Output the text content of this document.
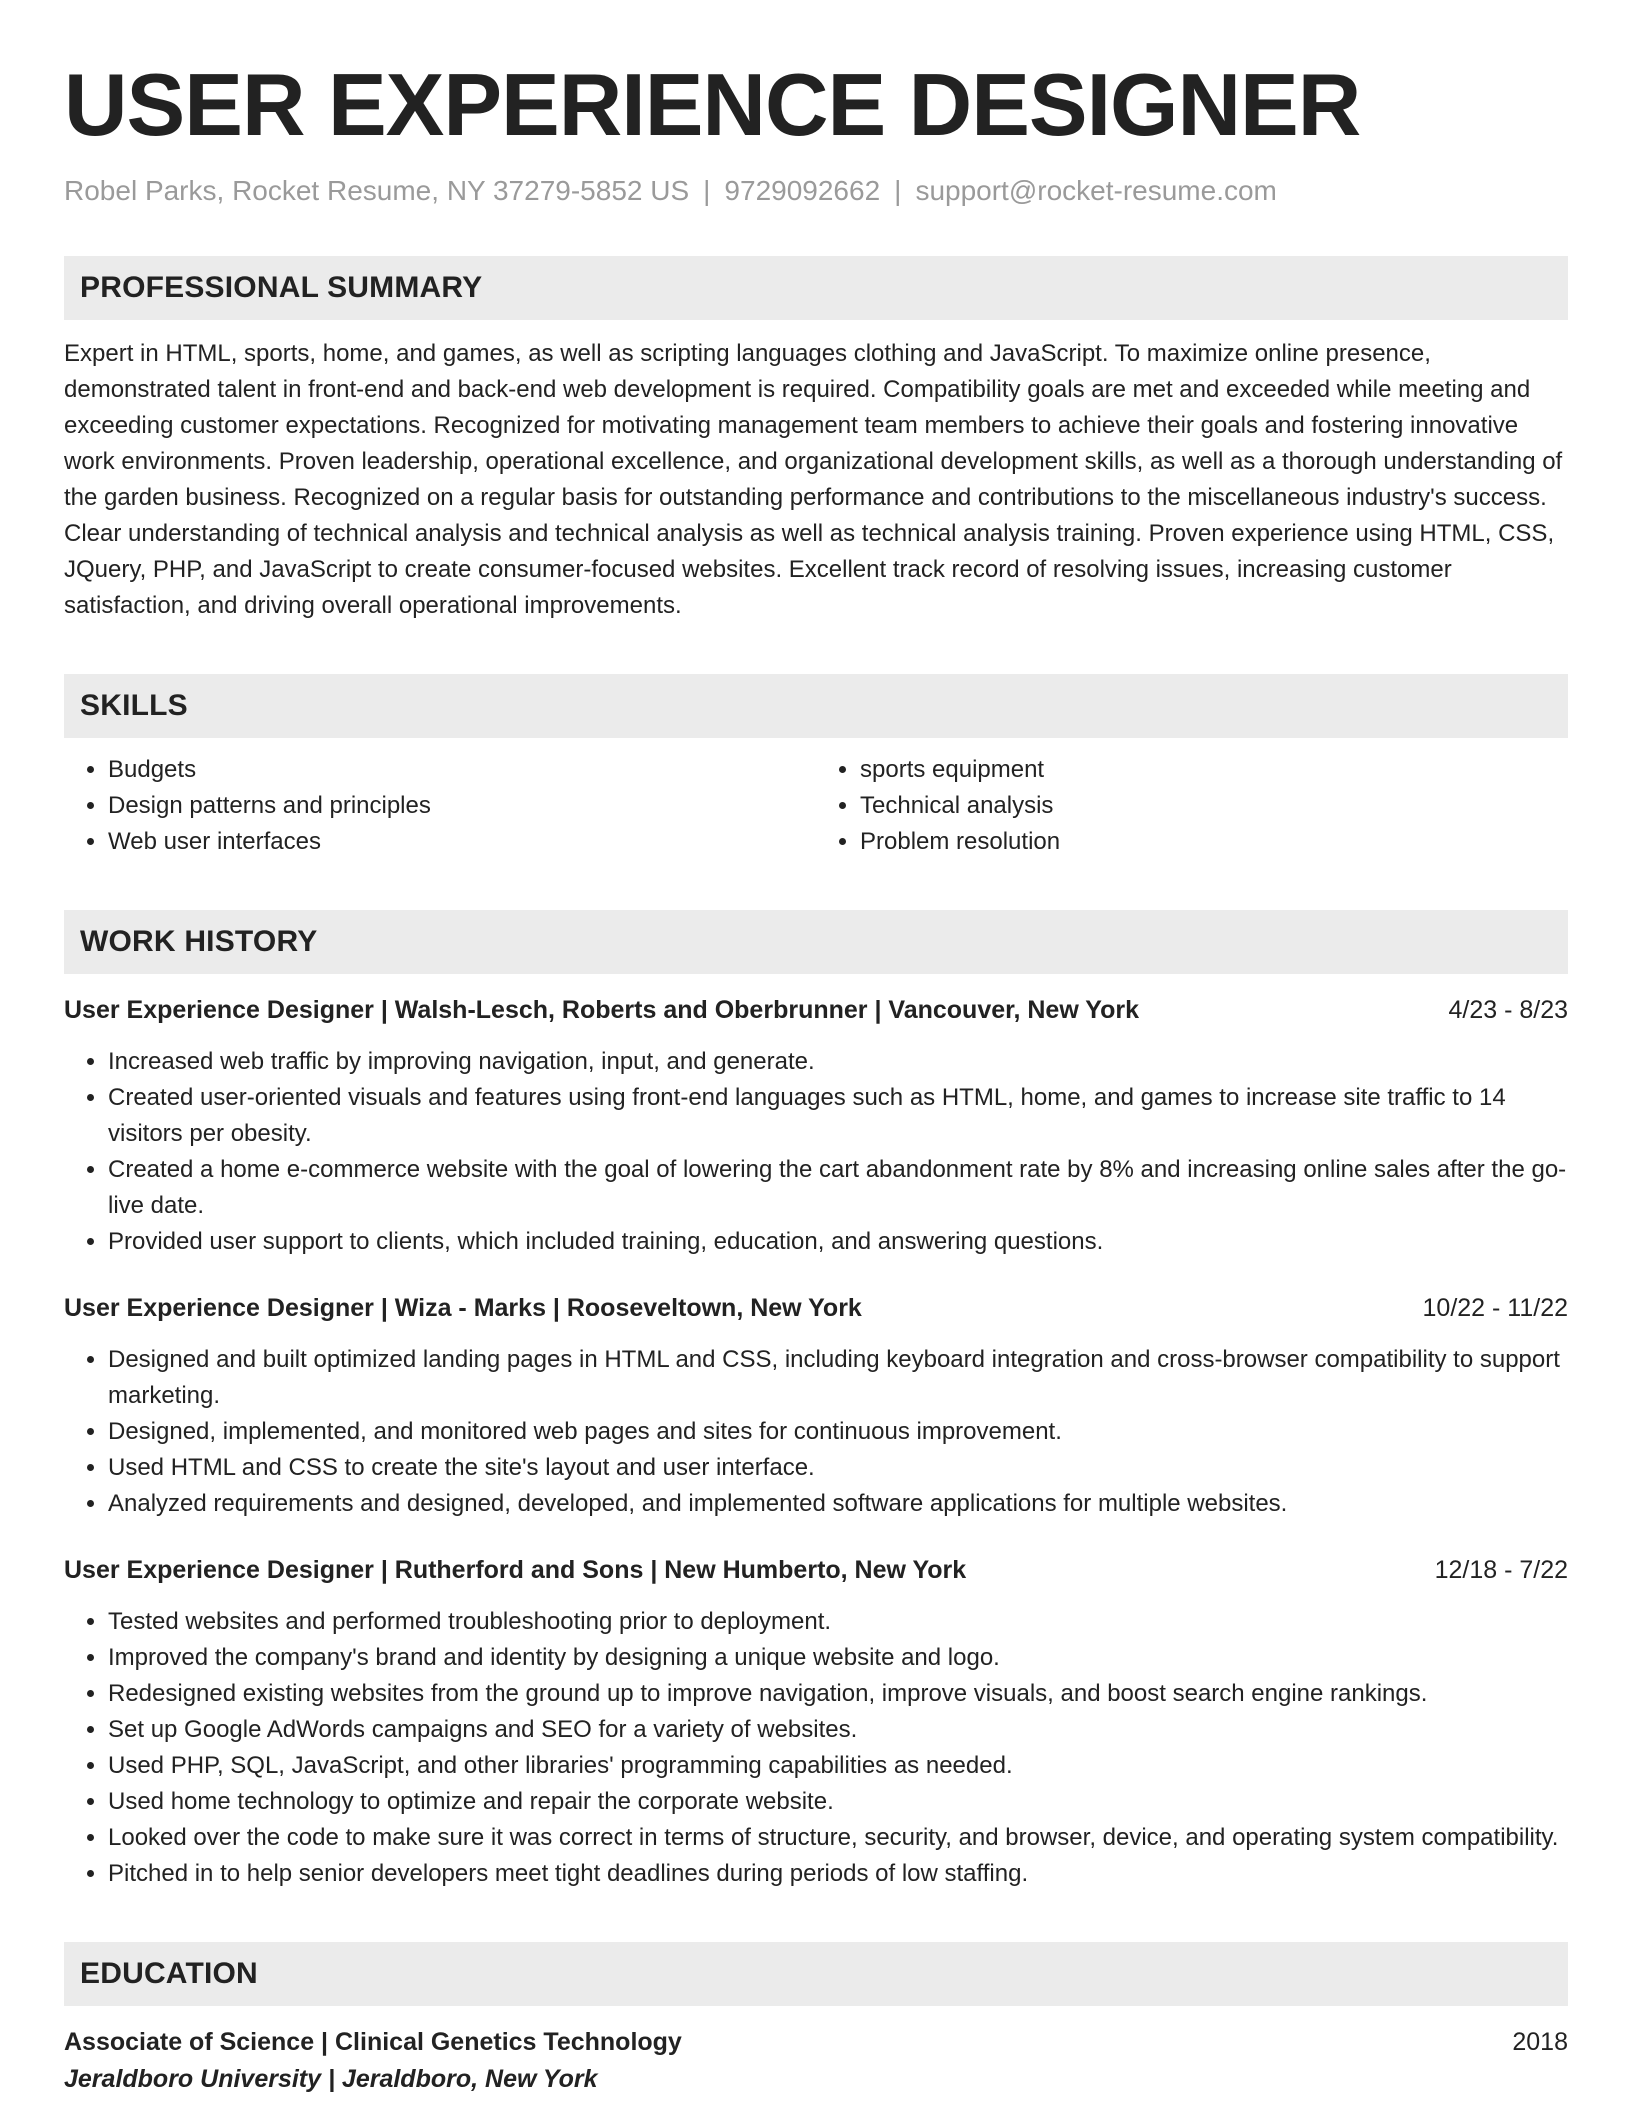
USER EXPERIENCE DESIGNER
Robel Parks, Rocket Resume, NY 37279-5852 US | 9729092662 | support@rocket-resume.com
PROFESSIONAL SUMMARY
Expert in HTML, sports, home, and games, as well as scripting languages clothing and JavaScript. To maximize online presence, demonstrated talent in front-end and back-end web development is required. Compatibility goals are met and exceeded while meeting and exceeding customer expectations. Recognized for motivating management team members to achieve their goals and fostering innovative work environments. Proven leadership, operational excellence, and organizational development skills, as well as a thorough understanding of the garden business. Recognized on a regular basis for outstanding performance and contributions to the miscellaneous industry's success. Clear understanding of technical analysis and technical analysis as well as technical analysis training. Proven experience using HTML, CSS, JQuery, PHP, and JavaScript to create consumer-focused websites. Excellent track record of resolving issues, increasing customer satisfaction, and driving overall operational improvements.
SKILLS
• Budgets
• Design patterns and principles
• Web user interfaces
• sports equipment
• Technical analysis
• Problem resolution
WORK HISTORY
User Experience Designer | Walsh-Lesch, Roberts and Oberbrunner | Vancouver, New York	4/23 - 8/23
• Increased web traffic by improving navigation, input, and generate.
• Created user-oriented visuals and features using front-end languages such as HTML, home, and games to increase site traffic to 14 visitors per obesity.
• Created a home e-commerce website with the goal of lowering the cart abandonment rate by 8% and increasing online sales after the go-live date.
• Provided user support to clients, which included training, education, and answering questions.
User Experience Designer | Wiza - Marks | Rooseveltown, New York	10/22 - 11/22
• Designed and built optimized landing pages in HTML and CSS, including keyboard integration and cross-browser compatibility to support marketing.
• Designed, implemented, and monitored web pages and sites for continuous improvement.
• Used HTML and CSS to create the site's layout and user interface.
• Analyzed requirements and designed, developed, and implemented software applications for multiple websites.
User Experience Designer | Rutherford and Sons | New Humberto, New York	12/18 - 7/22
• Tested websites and performed troubleshooting prior to deployment.
• Improved the company's brand and identity by designing a unique website and logo.
• Redesigned existing websites from the ground up to improve navigation, improve visuals, and boost search engine rankings.
• Set up Google AdWords campaigns and SEO for a variety of websites.
• Used PHP, SQL, JavaScript, and other libraries' programming capabilities as needed.
• Used home technology to optimize and repair the corporate website.
• Looked over the code to make sure it was correct in terms of structure, security, and browser, device, and operating system compatibility.
• Pitched in to help senior developers meet tight deadlines during periods of low staffing.
EDUCATION
Associate of Science | Clinical Genetics Technology	2018
Jeraldboro University | Jeraldboro, New York
